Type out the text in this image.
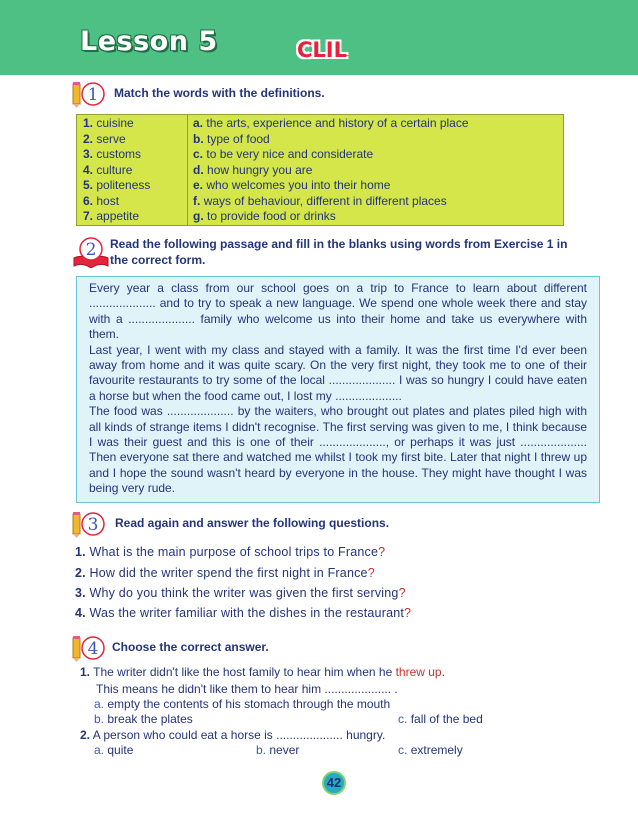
Lesson 5	CLIL
1 Match the words with the definitions.
1. cuisine	a. the arts, experience and history of a certain place
2. serve	b. type of food
3. customs	c. to be very nice and considerate
4. culture	d. how hungry you are
5. politeness	e. who welcomes you into their home
6. host	f. ways of behaviour, different in different places
7. appetite	g. to provide food or drinks
2 Read the following passage and fill in the blanks using words from Exercise 1 in
the correct form.

Every year a class from our school goes on a trip to France to learn about different .................... and to try to speak a new language. We spend one whole week there and stay with a .................... family who welcome us into their home and take us everywhere with them.

Last year, I went with my class and stayed with a family. It was the first time I'd ever been away from home and it was quite scary. On the very first night, they took me to one of their favourite restaurants to try some of the local .................... I was so hungry I could have eaten a horse but when the food came out, I lost my ....................

The food was .................... by the waiters, who brought out plates and plates piled high with all kinds of strange items I didn't recognise. The first serving was given to me, I think because I was their guest and this is one of their ...................., or perhaps it was just .................... Then everyone sat there and watched me whilst I took my first bite. Later that night I threw up and I hope the sound wasn't heard by everyone in the house. They might have thought I was being very rude.

3 Read again and answer the following questions.
1. What is the main purpose of school trips to France?
2. How did the writer spend the first night in France?
3. Why do you think the writer was given the first serving?
4. Was the writer familiar with the dishes in the restaurant?
4 Choose the correct answer.
1. The writer didn't like the host family to hear him when he threw up.
This means he didn't like them to hear him .................... .
a. empty the contents of his stomach through the mouth
b. break the plates	c. fall of the bed
2. A person who could eat a horse is .................... hungry.
a. quite	b. never	c. extremely
42
